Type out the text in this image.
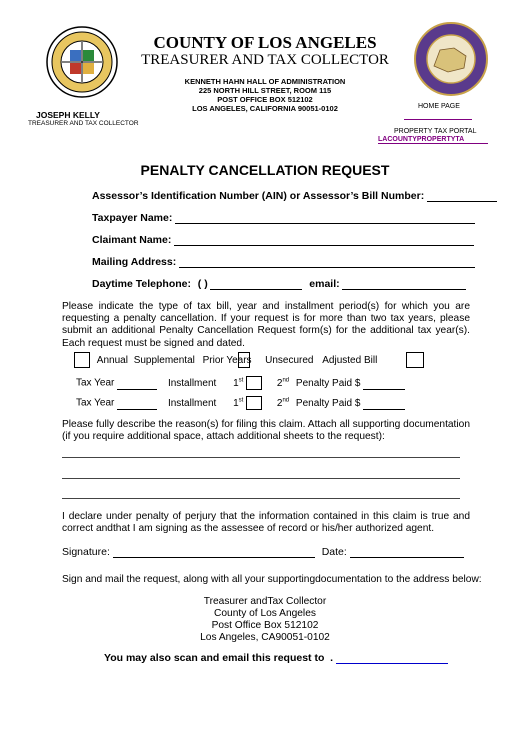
JOSEPH KELLY
TREASURER AND TAX COLLECTOR
COUNTY OF LOS ANGELES
TREASURER AND TAX COLLECTOR
KENNETH HAHN HALL OF ADMINISTRATION
225 NORTH HILL STREET, ROOM 115
POST OFFICE BOX 512102
LOS ANGELES, CALIFORNIA 90051-0102	HOME PAGE
PROPERTY TAX PORTAL
LACOUNTYPROPERTYTA
PENALTY CANCELLATION REQUEST
Assessor’s Identification Number (AIN) or Assessor’s Bill Number:
Taxpayer Name:
Claimant Name:
Mailing Address:
Daytime Telephone: ( )	email:
Please indicate the type of tax bill, year and installment period(s) for which you are requesting a penalty cancellation. If your request is for more than two tax years, please submit an additional Penalty Cancellation Request form(s) for the additional tax year(s). Each request must be signed and dated.
Annual Supplemental Prior Years Unsecured Adjusted Bill
Tax Year	Installment 1st	2nd Penalty Paid $
Tax Year	Installment 1st	2nd Penalty Paid $
Please fully describe the reason(s) for filing this claim. Attach all supporting documentation (if you require additional space, attach additional sheets to the request):
I declare under penalty of perjury that the information contained in this claim is true and correct andthat I am signing as the assessee of record or his/her authorized agent.
Signature:	Date:
Sign and mail the request, along with all your supportingdocumentation to the address below:
Treasurer andTax Collector
County of Los Angeles
Post Office Box 512102
Los Angeles, CA90051-0102
You may also scan and email this request to .
